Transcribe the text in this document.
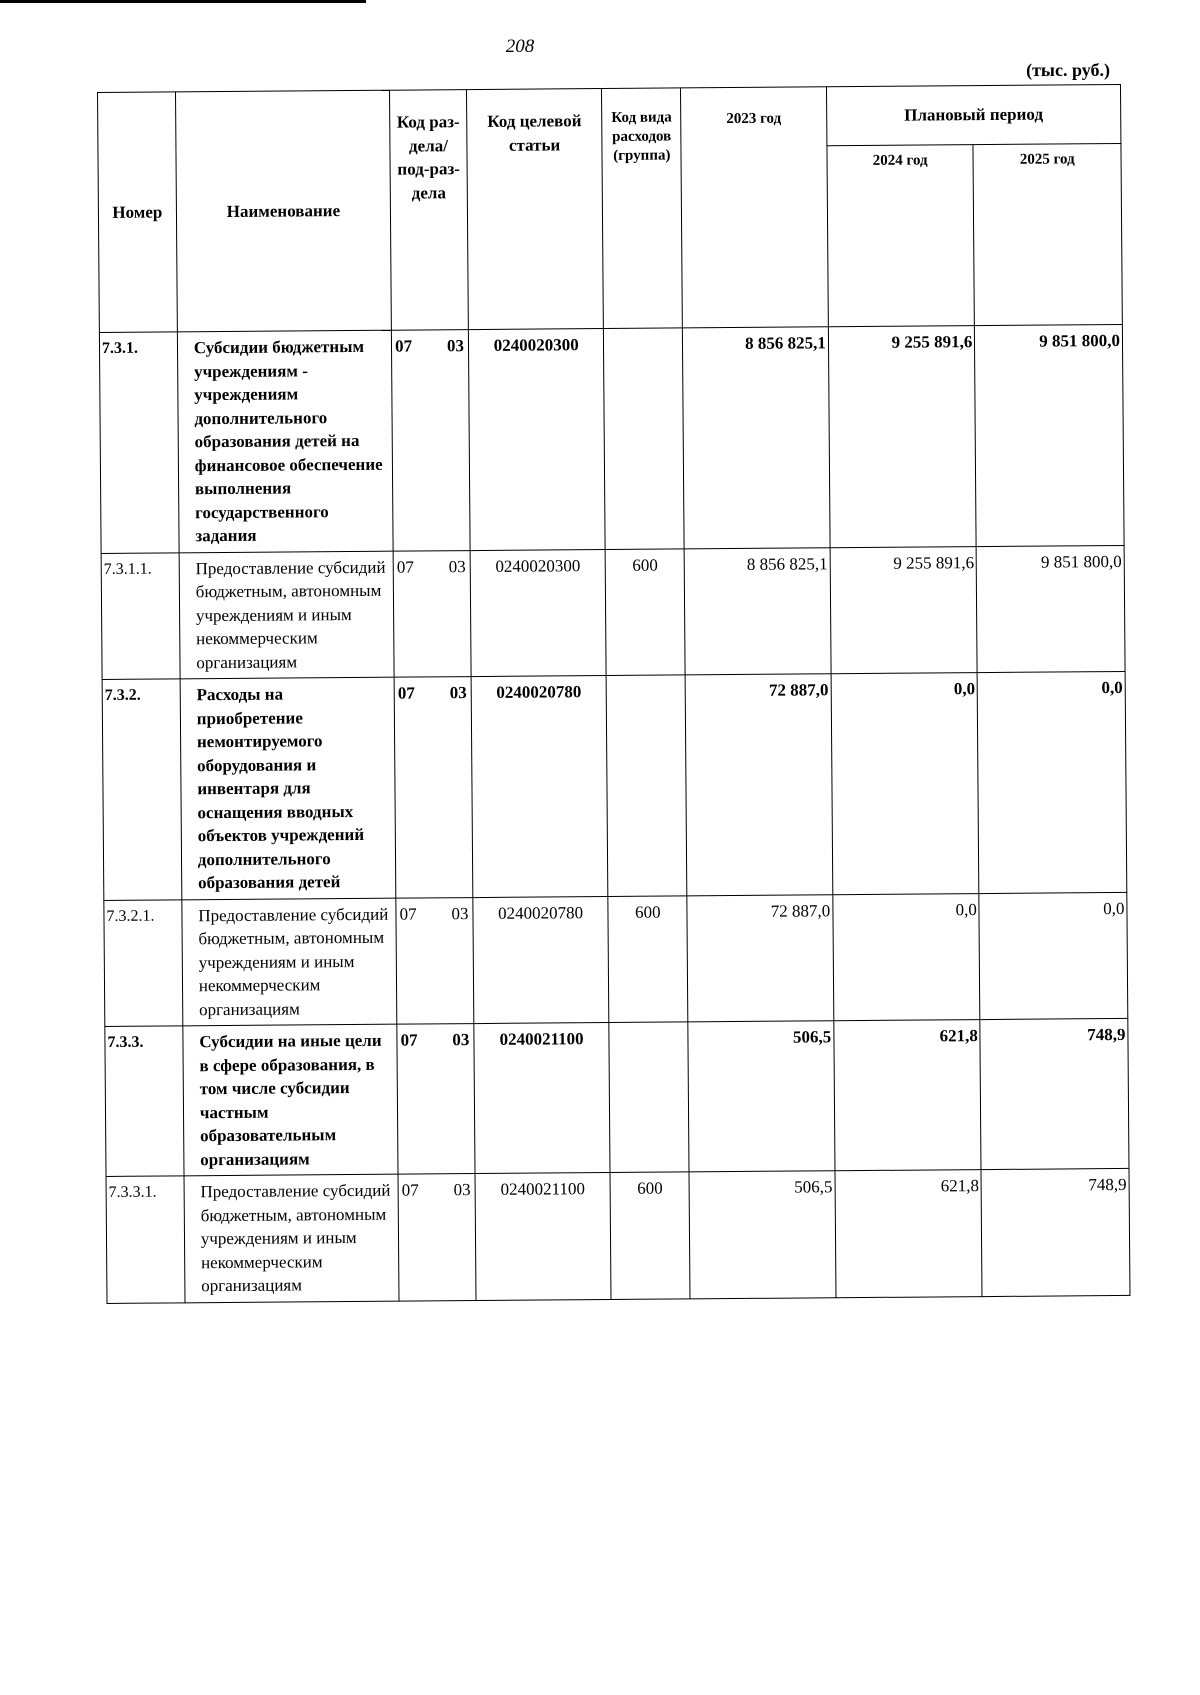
208
(тыс. руб.)
Номер	Наименование	Код раз-дела/ под-раз-дела	Код целевой статьи	Код вида расходов (группа)	2023 год	Плановый период	
						2024 год	2025 год
7.3.1.	Субсидии бюджетным учреждениям - учреждениям дополнительного образования детей на финансовое обеспечение выполнения государственного задания	07 03	0240020300		8 856 825,1	9 255 891,6	9 851 800,0
7.3.1.1.	Предоставление субсидий бюджетным, автономным учреждениям и иным некоммерческим организациям	07 03	0240020300	600	8 856 825,1	9 255 891,6	9 851 800,0
7.3.2.	Расходы на приобретение немонтируемого оборудования и инвентаря для оснащения вводных объектов учреждений дополнительного образования детей	07 03	0240020780		72 887,0	0,0	0,0
7.3.2.1.	Предоставление субсидий бюджетным, автономным учреждениям и иным некоммерческим организациям	07 03	0240020780	600	72 887,0	0,0	0,0
7.3.3.	Субсидии на иные цели в сфере образования, в том числе субсидии частным образовательным организациям	07 03	0240021100		506,5	621,8	748,9
7.3.3.1.	Предоставление субсидий бюджетным, автономным учреждениям и иным некоммерческим организациям	07 03	0240021100	600	506,5	621,8	748,9
